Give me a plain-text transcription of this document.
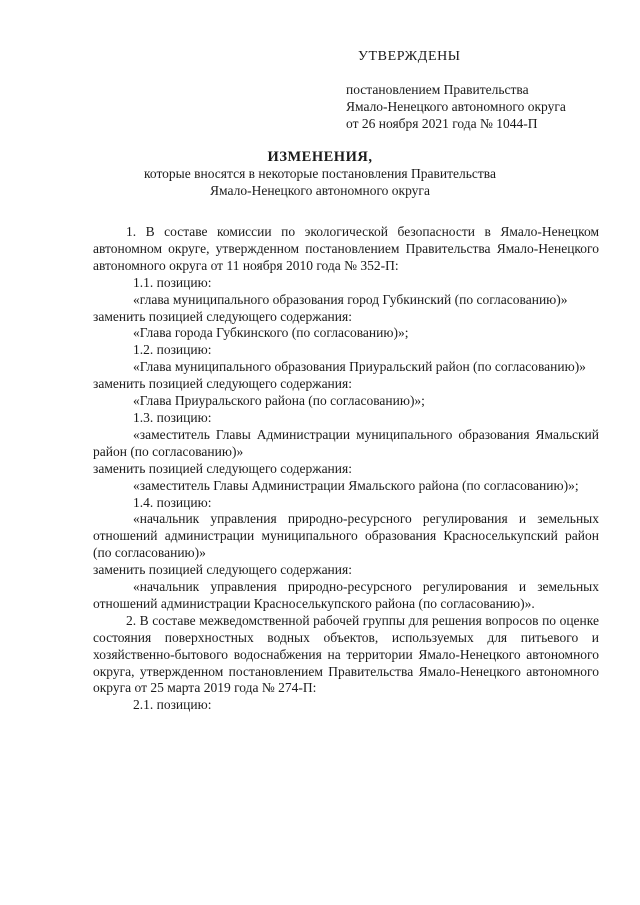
УТВЕРЖДЕНЫ
постановлением Правительства
Ямало-Ненецкого автономного округа
от 26 ноября 2021 года № 1044-П
ИЗМЕНЕНИЯ,
которые вносятся в некоторые постановления Правительства
Ямало-Ненецкого автономного округа

1. В составе комиссии по экологической безопасности в Ямало-Ненецком автономном округе, утвержденном постановлением Правительства Ямало-Ненецкого автономного округа от 11 ноября 2010 года № 352-П:

1.1. позицию:

«глава муниципального образования город Губкинский (по согласованию)»

заменить позицией следующего содержания:

«Глава города Губкинского (по согласованию)»;

1.2. позицию:

«Глава муниципального образования Приуральский район (по согласованию)»

заменить позицией следующего содержания:

«Глава Приуральского района (по согласованию)»;

1.3. позицию:

«заместитель Главы Администрации муниципального образования Ямальский район (по согласованию)»

заменить позицией следующего содержания:

«заместитель Главы Администрации Ямальского района (по согласованию)»;

1.4. позицию:

«начальник управления природно-ресурсного регулирования и земельных отношений администрации муниципального образования Красноселькупский район (по согласованию)»

заменить позицией следующего содержания:

«начальник управления природно-ресурсного регулирования и земельных отношений администрации Красноселькупского района (по согласованию)».

2. В составе межведомственной рабочей группы для решения вопросов по оценке состояния поверхностных водных объектов, используемых для питьевого и хозяйственно-бытового водоснабжения на территории Ямало-Ненецкого автономного округа, утвержденном постановлением Правительства Ямало-Ненецкого автономного округа от 25 марта 2019 года № 274-П:

2.1. позицию:
